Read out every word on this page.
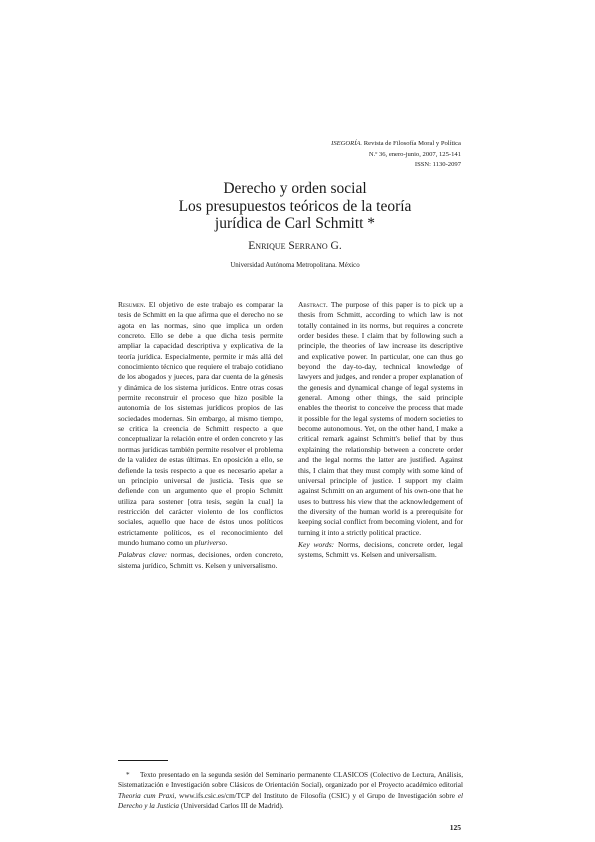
ISEGORÍA. Revista de Filosofía Moral y Política
N.º 36, enero-junio, 2007, 125-141
ISSN: 1130-2097
Derecho y orden social
Los presupuestos teóricos de la teoría
jurídica de Carl Schmitt *
Enrique Serrano G.
Universidad Autónoma Metropolitana. México
Resumen. El objetivo de este trabajo es comparar la tesis de Schmitt en la que afirma que el derecho no se agota en las normas, sino que implica un orden concreto. Ello se debe a que dicha tesis permite ampliar la capacidad descriptiva y explicativa de la teoría jurídica. Especialmente, permite ir más allá del conocimiento técnico que requiere el trabajo cotidiano de los abogados y jueces, para dar cuenta de la génesis y dinámica de los sistema jurídicos. Entre otras cosas permite reconstruir el proceso que hizo posible la autonomía de los sistemas jurídicos propios de las sociedades modernas. Sin embargo, al mismo tiempo, se critica la creencia de Schmitt respecto a que conceptualizar la relación entre el orden concreto y las normas jurídicas también permite resolver el problema de la validez de estas últimas. En oposición a ello, se defiende la tesis respecto a que es necesario apelar a un principio universal de justicia. Tesis que se defiende con un argumento que el propio Schmitt utiliza para sostener [otra tesis, según la cual] la restricción del carácter violento de los conflictos sociales, aquello que hace de éstos unos políticos estrictamente políticos, es el reconocimiento del mundo humano como un pluriverso.
Palabras clave: normas, decisiones, orden concreto, sistema jurídico, Schmitt vs. Kelsen y universalismo.
Abstract. The purpose of this paper is to pick up a thesis from Schmitt, according to which law is not totally contained in its norms, but requires a concrete order besides these. I claim that by following such a principle, the theories of law increase its descriptive and explicative power. In particular, one can thus go beyond the day-to-day, technical knowledge of lawyers and judges, and render a proper explanation of the genesis and dynamical change of legal systems in general. Among other things, the said principle enables the theorist to conceive the process that made it possible for the legal systems of modern societies to become autonomous. Yet, on the other hand, I make a critical remark against Schmitt's belief that by thus explaining the relationship between a concrete order and the legal norms the latter are justified. Against this, I claim that they must comply with some kind of universal principle of justice. I support my claim against Schmitt on an argument of his own-one that he uses to buttress his view that the acknowledgement of the diversity of the human world is a prerequisite for keeping social conflict from becoming violent, and for turning it into a strictly political practice.
Key words: Norms, decisions, concrete order, legal systems, Schmitt vs. Kelsen and universalism.

* Texto presentado en la segunda sesión del Seminario permanente CLASICOS (Colectivo de Lectura, Análisis, Sistematización e Investigación sobre Clásicos de Orientación Social), organizado por el Proyecto académico editorial Theoria cum Praxi, www.ifs.csic.es/cm/TCP del Instituto de Filosofía (CSIC) y el Grupo de Investigación sobre el Derecho y la Justicia (Universidad Carlos III de Madrid).

125
